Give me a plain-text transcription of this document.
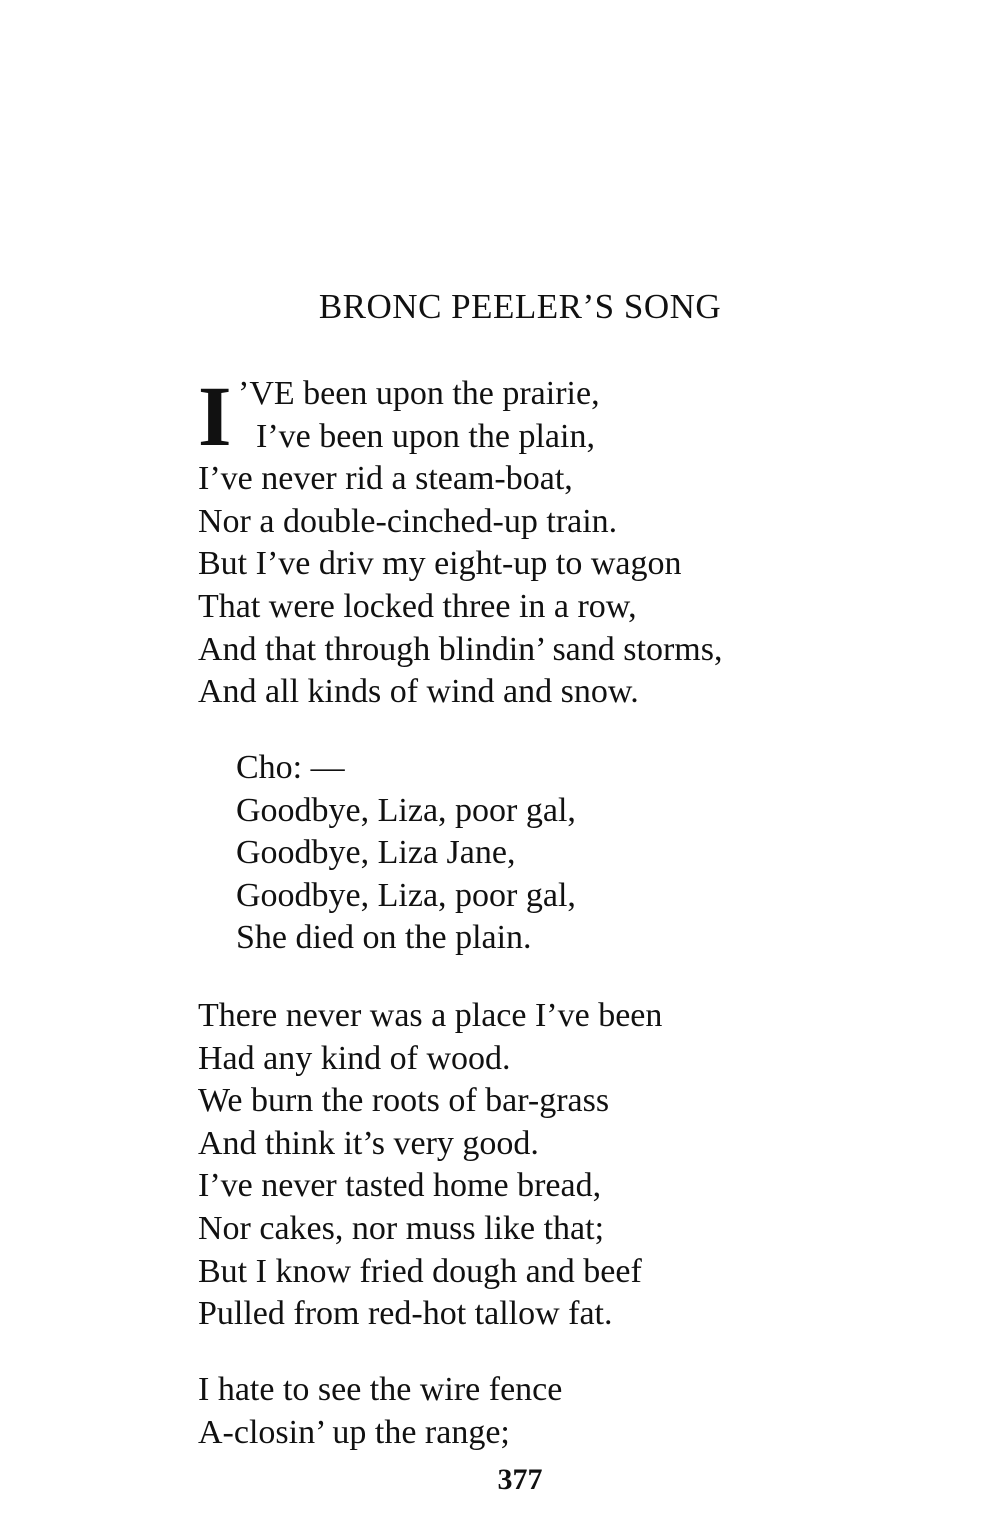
BRONC PEELER’S SONG
I ’VE been upon the prairie,
I’ve been upon the plain,
I’ve never rid a steam-boat,
Nor a double-cinched-up train.
But I’ve driv my eight-up to wagon
That were locked three in a row,
And that through blindin’ sand storms,
And all kinds of wind and snow.
Cho: —
Goodbye, Liza, poor gal,
Goodbye, Liza Jane,
Goodbye, Liza, poor gal,
She died on the plain.
There never was a place I’ve been
Had any kind of wood.
We burn the roots of bar-grass
And think it’s very good.
I’ve never tasted home bread,
Nor cakes, nor muss like that;
But I know fried dough and beef
Pulled from red-hot tallow fat.
I hate to see the wire fence
A-closin’ up the range;
377
